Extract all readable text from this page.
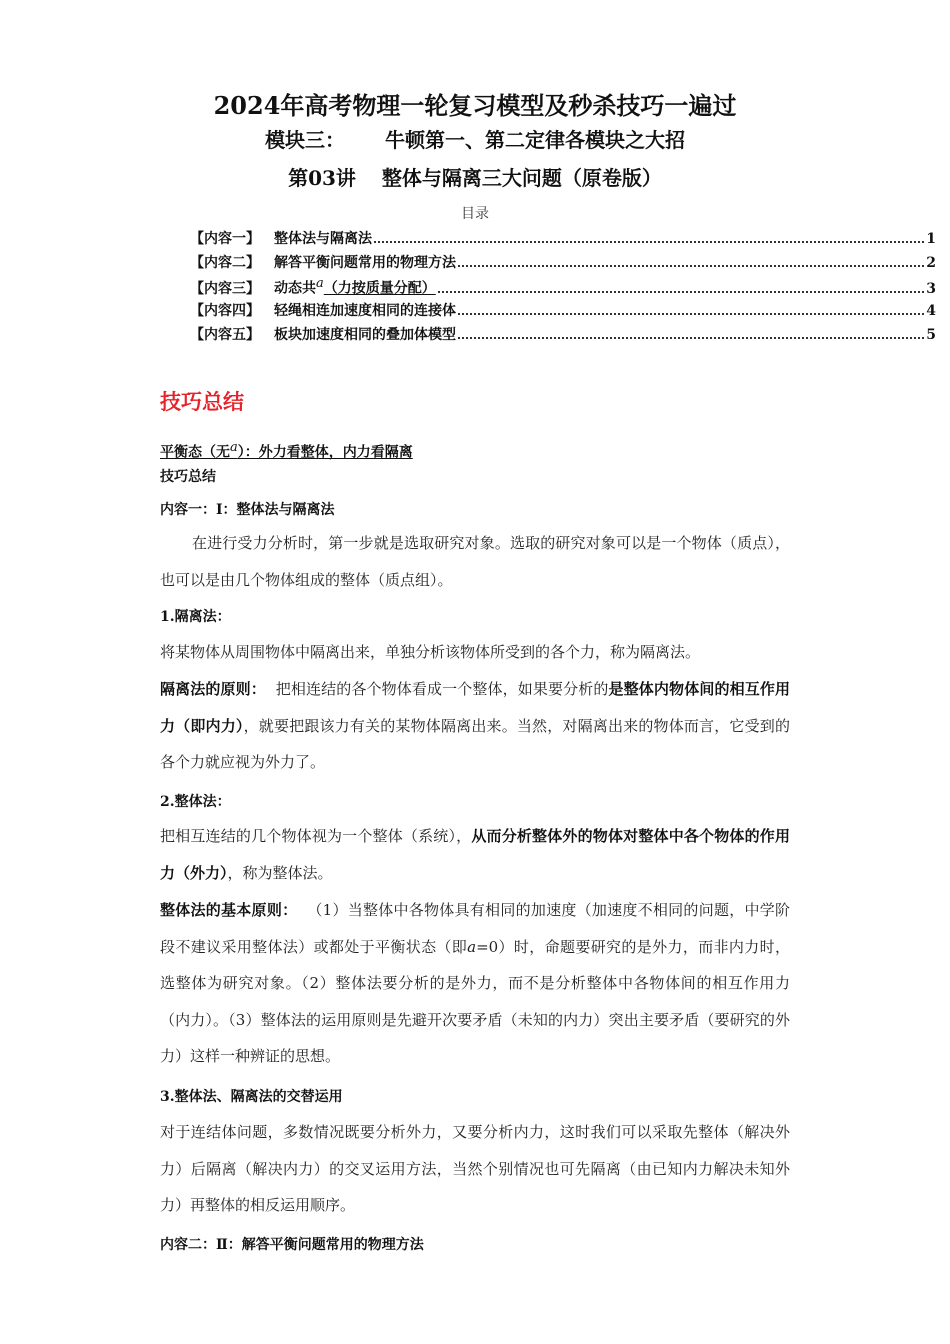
2024年高考物理一轮复习模型及秒杀技巧一遍过
模块三： 牛顿第一、第二定律各模块之大招
第03讲 整体与隔离三大问题（原卷版）
目录
【内容一】 整体法与隔离法	1
【内容二】 解答平衡问题常用的物理方法	2
【内容三】 动态共a（力按质量分配）	3
【内容四】 轻绳相连加速度相同的连接体	4
【内容五】 板块加速度相同的叠加体模型	5
技巧总结
平衡态（无a）：外力看整体，内力看隔离
技巧总结
内容一：Ⅰ：整体法与隔离法
在进行受力分析时，第一步就是选取研究对象。选取的研究对象可以是一个物体（质点），也可以是由几个物体组成的整体（质点组）。
1.隔离法：
将某物体从周围物体中隔离出来，单独分析该物体所受到的各个力，称为隔离法。
隔离法的原则： 把相连结的各个物体看成一个整体，如果要分析的是整体内物体间的相互作用力（即内力），就要把跟该力有关的某物体隔离出来。当然，对隔离出来的物体而言，它受到的各个力就应视为外力了。
2.整体法：
把相互连结的几个物体视为一个整体（系统），从而分析整体外的物体对整体中各个物体的作用力（外力），称为整体法。
整体法的基本原则： （1）当整体中各物体具有相同的加速度（加速度不相同的问题，中学阶段不建议采用整体法）或都处于平衡状态（即a=0）时，命题要研究的是外力，而非内力时，选整体为研究对象。（2）整体法要分析的是外力，而不是分析整体中各物体间的相互作用力（内力）。（3）整体法的运用原则是先避开次要矛盾（未知的内力）突出主要矛盾（要研究的外力）这样一种辨证的思想。
3.整体法、隔离法的交替运用
对于连结体问题，多数情况既要分析外力，又要分析内力，这时我们可以采取先整体（解决外力）后隔离（解决内力）的交叉运用方法，当然个别情况也可先隔离（由已知内力解决未知外力）再整体的相反运用顺序。
内容二：Ⅱ：解答平衡问题常用的物理方法
